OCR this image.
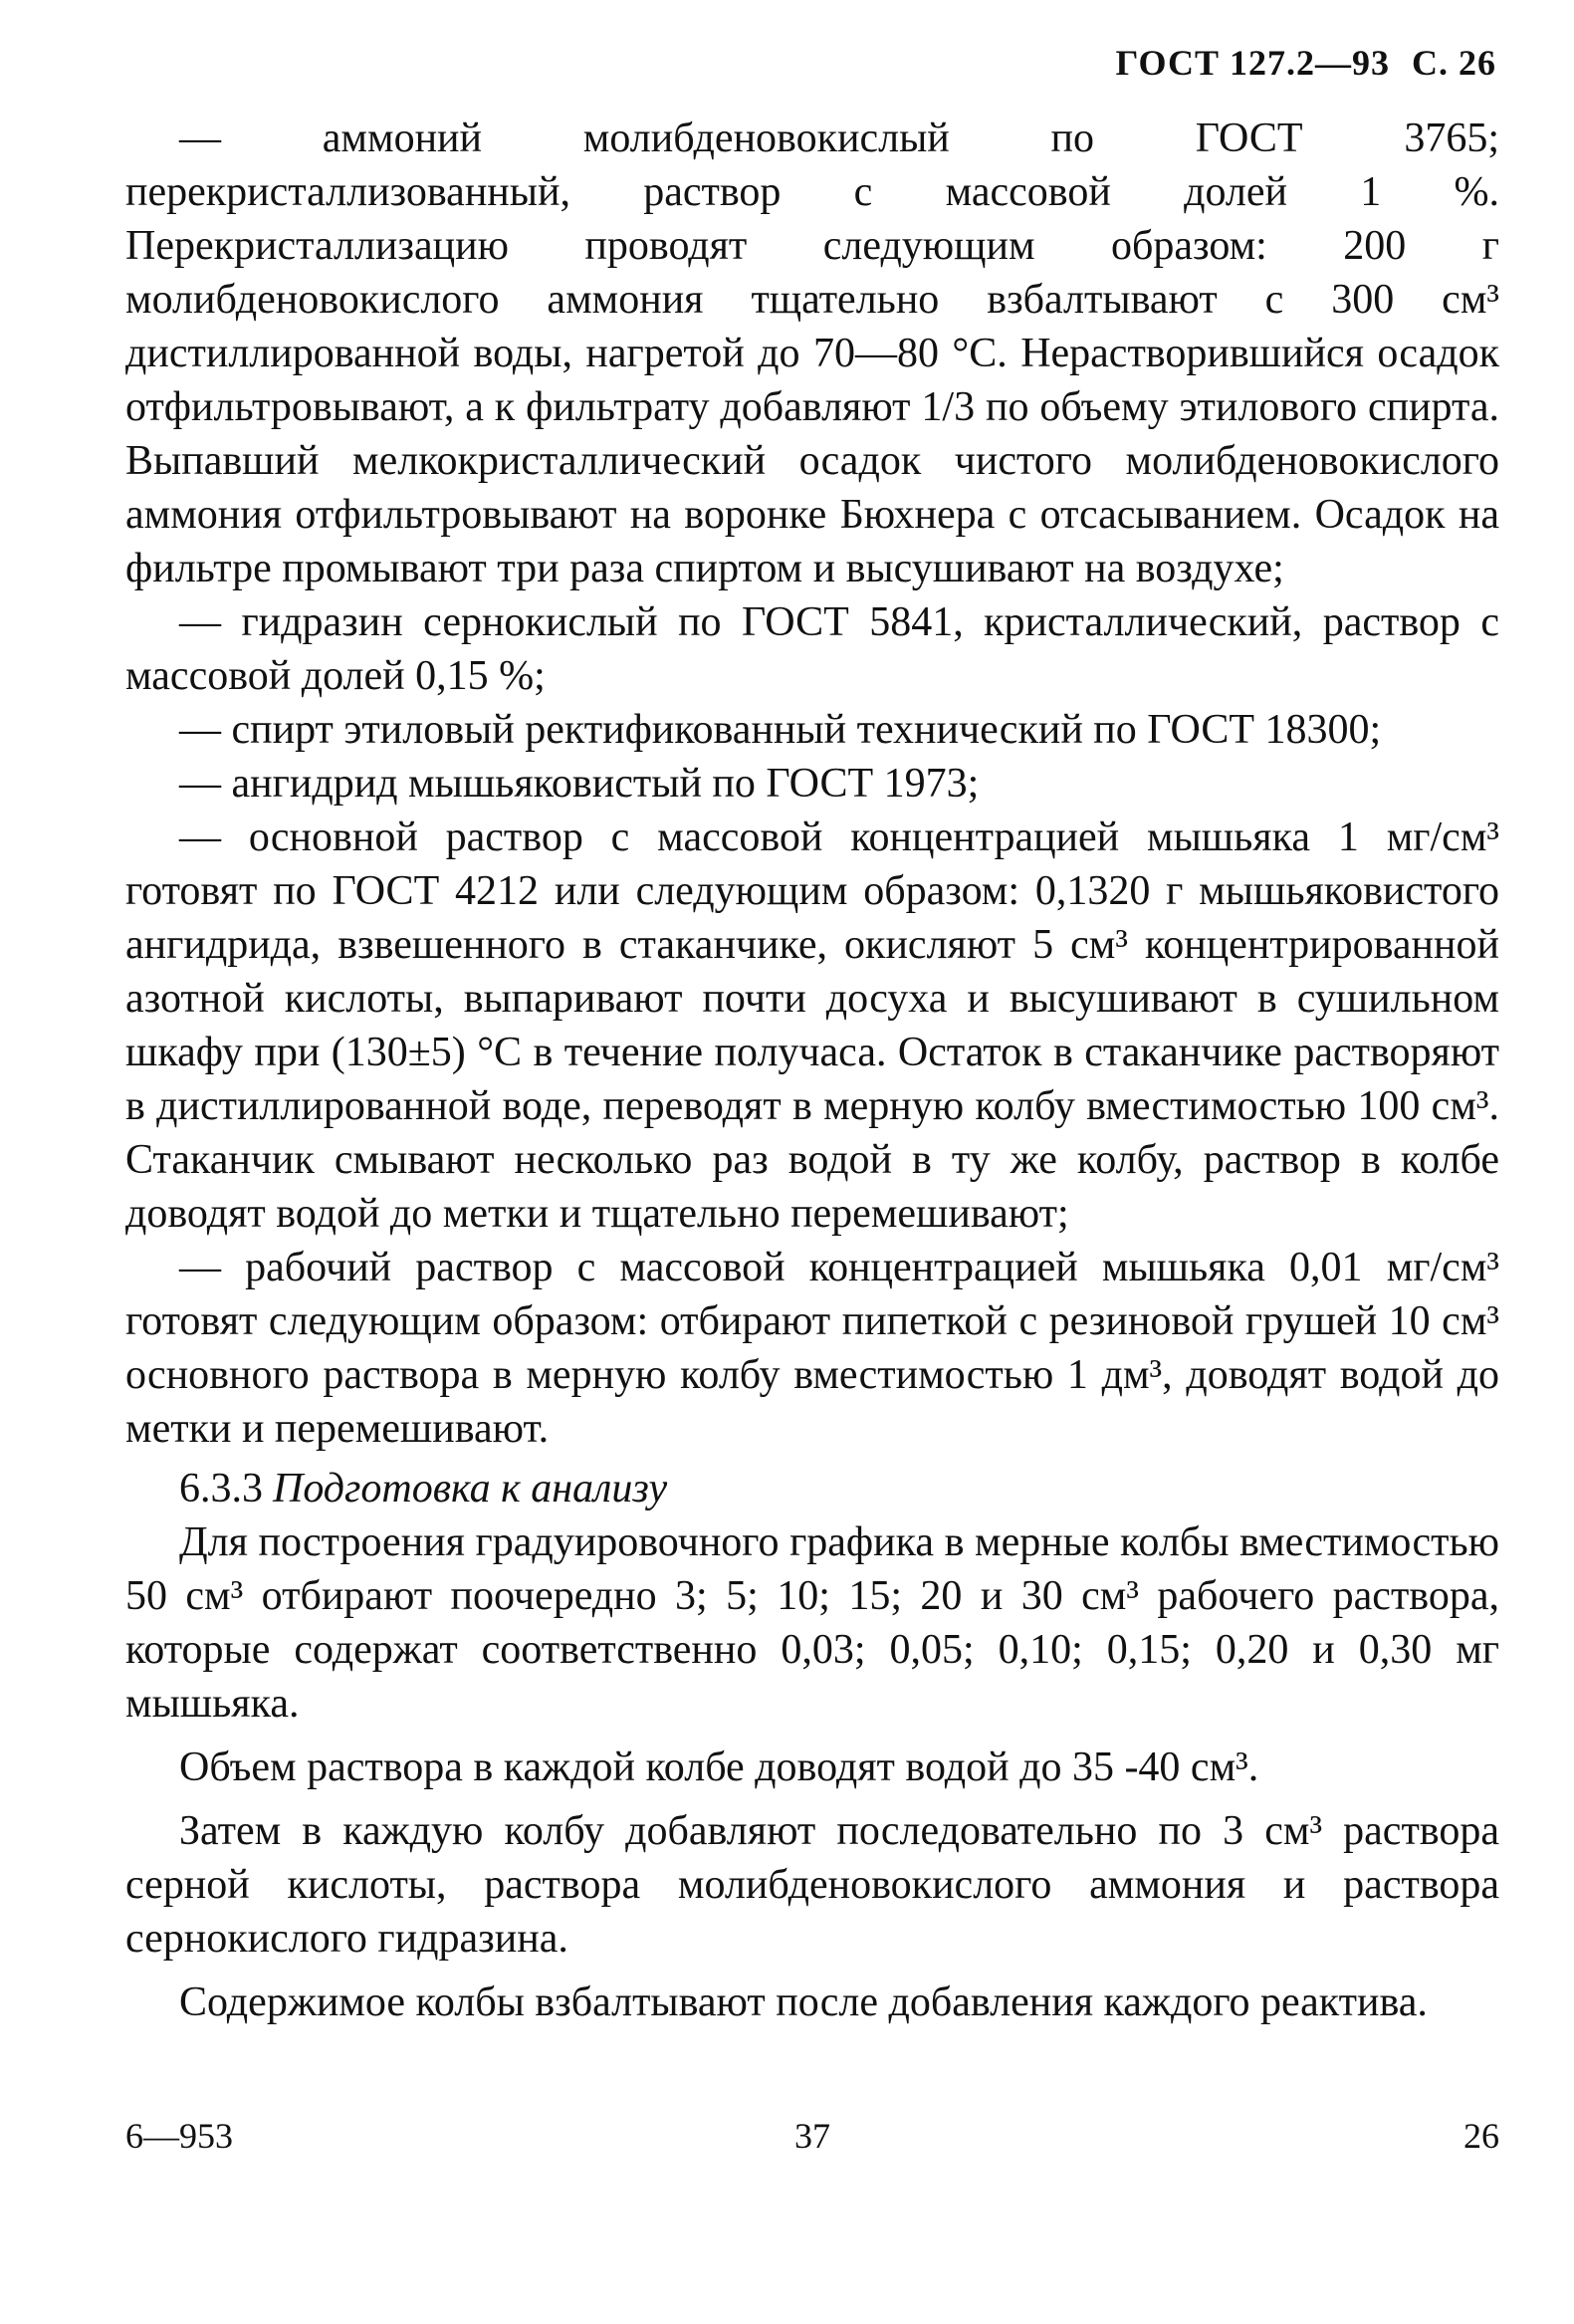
ГОСТ 127.2—93 С. 26

— аммоний молибденовокислый по ГОСТ 3765; перекристаллизованный, раствор с массовой долей 1 %. Перекристаллизацию проводят следующим образом: 200 г молибденовокислого аммония тщательно взбалтывают с 300 см³ дистиллированной воды, нагретой до 70—80 °С. Нерастворившийся осадок отфильтровывают, а к фильтрату добавляют 1/3 по объему этилового спирта. Выпавший мелкокристаллический осадок чистого молибденовокислого аммония отфильтровывают на воронке Бюхнера с отсасыванием. Осадок на фильтре промывают три раза спиртом и высушивают на воздухе;

— гидразин сернокислый по ГОСТ 5841, кристаллический, раствор с массовой долей 0,15 %;

— спирт этиловый ректификованный технический по ГОСТ 18300;

— ангидрид мышьяковистый по ГОСТ 1973;

— основной раствор с массовой концентрацией мышьяка 1 мг/см³ готовят по ГОСТ 4212 или следующим образом: 0,1320 г мышьяковистого ангидрида, взвешенного в стаканчике, окисляют 5 см³ концентрированной азотной кислоты, выпаривают почти досуха и высушивают в сушильном шкафу при (130±5) °С в течение получаса. Остаток в стаканчике растворяют в дистиллированной воде, переводят в мерную колбу вместимостью 100 см³. Стаканчик смывают несколько раз водой в ту же колбу, раствор в колбе доводят водой до метки и тщательно перемешивают;

— рабочий раствор с массовой концентрацией мышьяка 0,01 мг/см³ готовят следующим образом: отбирают пипеткой с резиновой грушей 10 см³ основного раствора в мерную колбу вместимостью 1 дм³, доводят водой до метки и перемешивают.

6.3.3 Подготовка к анализу

Для построения градуировочного графика в мерные колбы вместимостью 50 см³ отбирают поочередно 3; 5; 10; 15; 20 и 30 см³ рабочего раствора, которые содержат соответственно 0,03; 0,05; 0,10; 0,15; 0,20 и 0,30 мг мышьяка.

Объем раствора в каждой колбе доводят водой до 35 -40 см³.

Затем в каждую колбу добавляют последовательно по 3 см³ раствора серной кислоты, раствора молибденовокислого аммония и раствора сернокислого гидразина.

Содержимое колбы взбалтывают после добавления каждого реактива.

6—953	37	26
